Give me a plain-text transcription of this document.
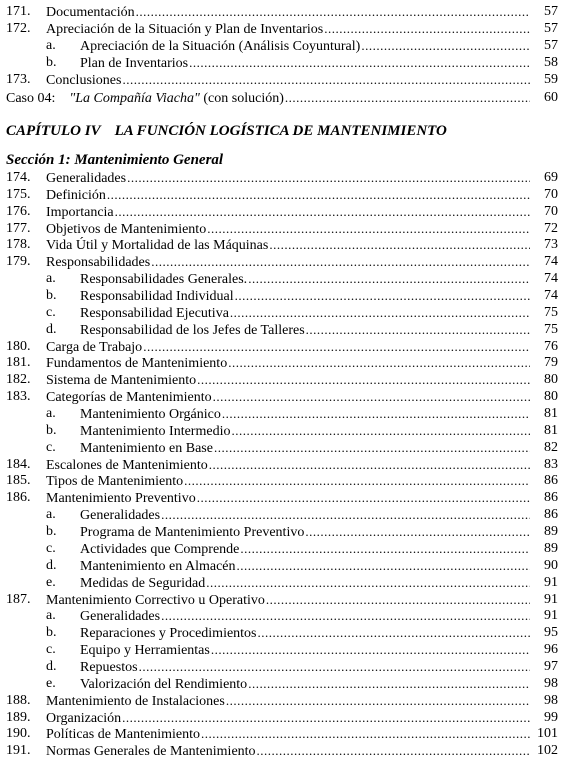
171. Documentación .....	57
172. Apreciación de la Situación y Plan de Inventarios .....	57
a. Apreciación de la Situación (Análisis Coyuntural) .....	57
b. Plan de Inventarios .....	58
173. Conclusiones .....	59
Caso 04: "La Compañía Viacha" (con solución) .....	60
CAPÍTULO IV LA FUNCIÓN LOGÍSTICA DE MANTENIMIENTO
Sección 1: Mantenimiento General
174. Generalidades .....	69
175. Definición .....	70
176. Importancia .....	70
177. Objetivos de Mantenimiento .....	72
178. Vida Útil y Mortalidad de las Máquinas .....	73
179. Responsabilidades .....	74
a. Responsabilidades Generales. .....	74
b. Responsabilidad Individual .....	74
c. Responsabilidad Ejecutiva .....	75
d. Responsabilidad de los Jefes de Talleres .....	75
180. Carga de Trabajo .....	76
181. Fundamentos de Mantenimiento .....	79
182. Sistema de Mantenimiento .....	80
183. Categorías de Mantenimiento .....	80
a. Mantenimiento Orgánico .....	81
b. Mantenimiento Intermedio .....	81
c. Mantenimiento en Base .....	82
184. Escalones de Mantenimiento .....	83
185. Tipos de Mantenimiento .....	86
186. Mantenimiento Preventivo .....	86
a. Generalidades .....	86
b. Programa de Mantenimiento Preventivo .....	89
c. Actividades que Comprende .....	89
d. Mantenimiento en Almacén .....	90
e. Medidas de Seguridad .....	91
187. Mantenimiento Correctivo u Operativo .....	91
a. Generalidades .....	91
b. Reparaciones y Procedimientos .....	95
c. Equipo y Herramientas .....	96
d. Repuestos .....	97
e. Valorización del Rendimiento .....	98
188. Mantenimiento de Instalaciones .....	98
189. Organización .....	99
190. Políticas de Mantenimiento .....	101
191. Normas Generales de Mantenimiento .....	102
